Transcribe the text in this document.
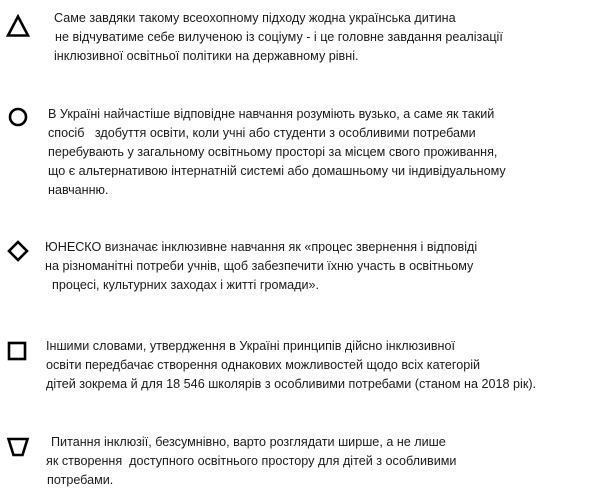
Саме завдяки такому всеохопному підходу жодна українська дитина
не відчуватиме себе вилученою із соціуму - і це головне завдання реалізації
інклюзивної освітньої політики на державному рівні.

В Україні найчастіше відповідне навчання розуміють вузько, а саме як такий
спосіб   здобуття освіти, коли учні або студенти з особливими потребами
перебувають у загальному освітньому просторі за місцем свого проживання,
що є альтернативою інтернатній системі або домашньому чи індивідуальному
навчанню.

ЮНЕСКО визначає інклюзивне навчання як «процес звернення і відповіді
на різноманітні потреби учнів, щоб забезпечити їхню участь в освітньому
процесі, культурних заходах і житті громади».

Іншими словами, утвердження в Україні принципів дійсно інклюзивної
освіти передбачає створення однакових можливостей щодо всіх категорій
дітей зокрема й для 18 546 школярів з особливими потребами (станом на 2018 рік).

Питання інклюзії, безсумнівно, варто розглядати ширше, а не лише
як створення  доступного освітнього простору для дітей з особливими
потребами.
